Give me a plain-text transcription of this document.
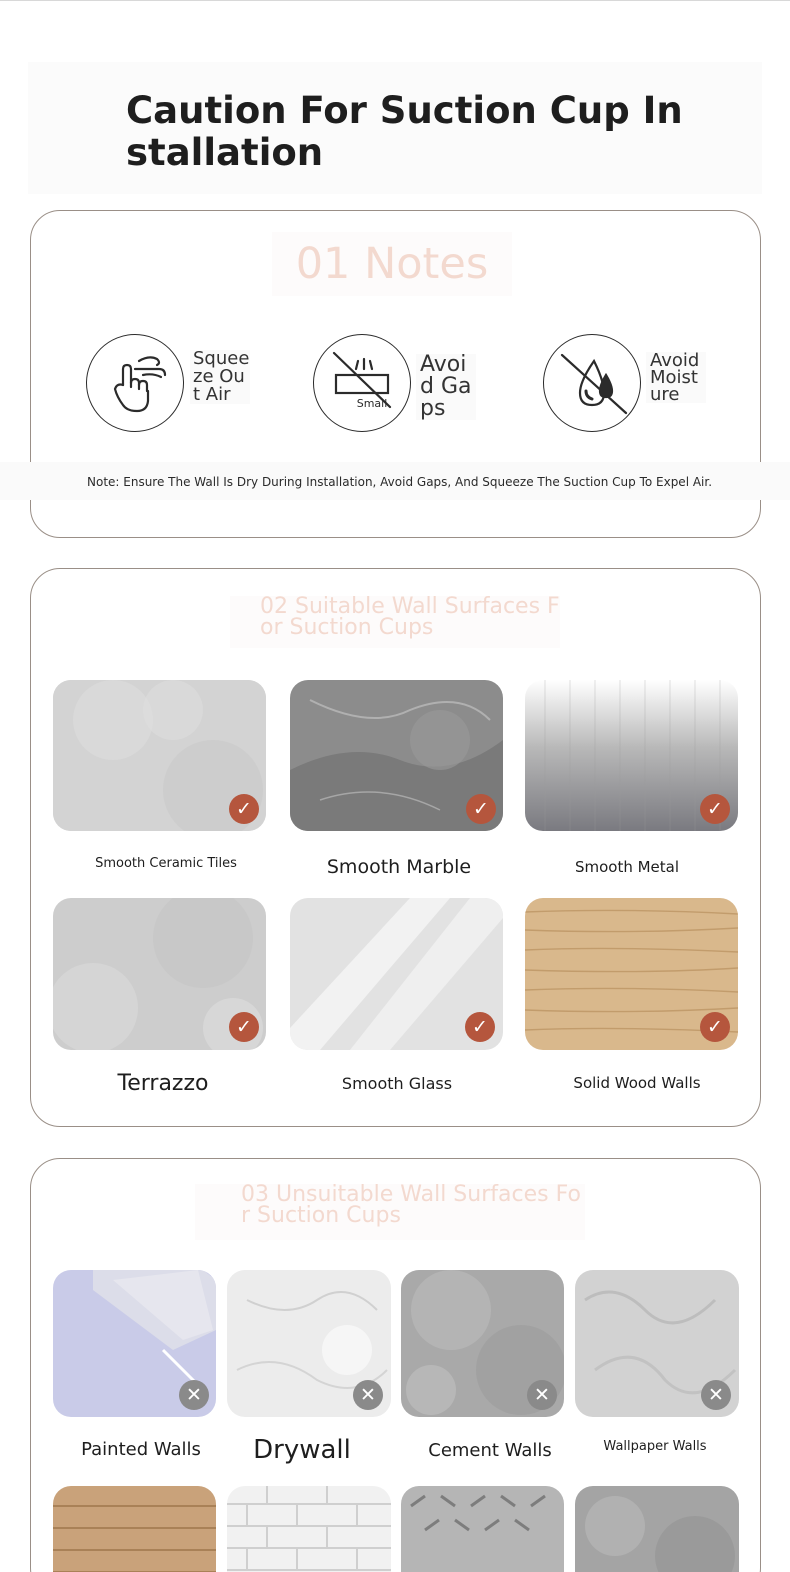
Caution For Suction Cup Installation
01 Notes
Squeeze Out Air	Small
Avoid Gaps
Avoid Moisture
Note: Ensure The Wall Is Dry During Installation, Avoid Gaps, And Squeeze The Suction Cup To Expel Air.
02 Suitable Wall Surfaces For Suction Cups
✓
Smooth Ceramic Tiles
✓
Smooth Marble
✓
Smooth Metal
✓
Terrazzo
✓
Smooth Glass
✓
Solid Wood Walls
03 Unsuitable Wall Surfaces For Suction Cups
✕
Painted Walls
✕
Drywall
✕
Cement Walls
✕
Wallpaper Walls
